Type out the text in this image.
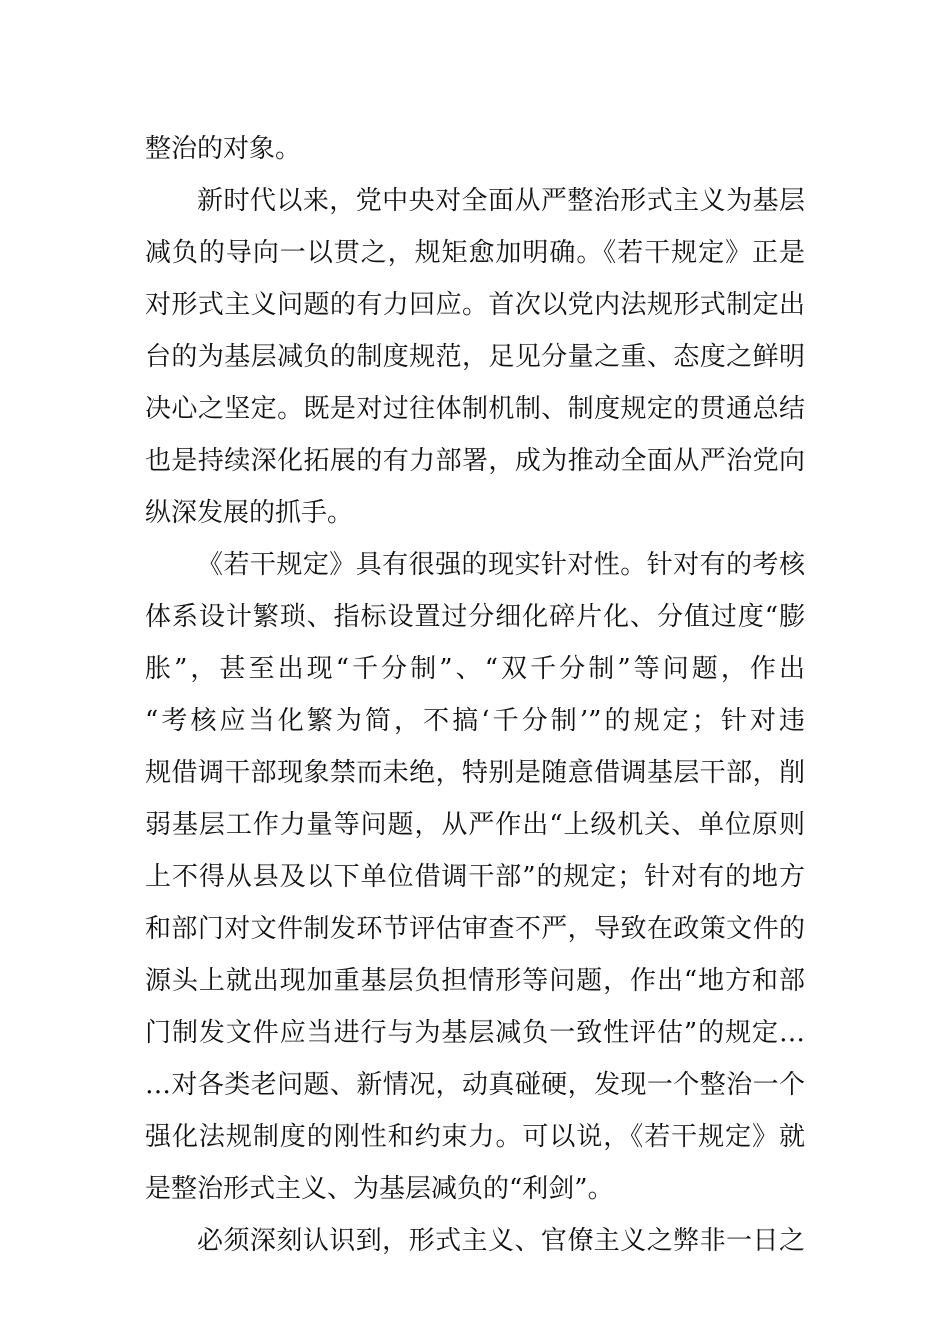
整治的对象。
新时代以来，党中央对全面从严整治形式主义为基层
减负的导向一以贯之，规矩愈加明确。《若干规定》正是
对形式主义问题的有力回应。首次以党内法规形式制定出
台的为基层减负的制度规范，足见分量之重、态度之鲜明
决心之坚定。既是对过往体制机制、制度规定的贯通总结
也是持续深化拓展的有力部署，成为推动全面从严治党向
纵深发展的抓手。
《若干规定》具有很强的现实针对性。针对有的考核
体系设计繁琐、指标设置过分细化碎片化、分值过度“膨
胀”，甚至出现“千分制”、“双千分制”等问题，作出
“考核应当化繁为简，不搞‘千分制’”的规定；针对违
规借调干部现象禁而未绝，特别是随意借调基层干部，削
弱基层工作力量等问题，从严作出“上级机关、单位原则
上不得从县及以下单位借调干部”的规定；针对有的地方
和部门对文件制发环节评估审查不严，导致在政策文件的
源头上就出现加重基层负担情形等问题，作出“地方和部
门制发文件应当进行与为基层减负一致性评估”的规定…
…对各类老问题、新情况，动真碰硬，发现一个整治一个
强化法规制度的刚性和约束力。可以说，《若干规定》就
是整治形式主义、为基层减负的“利剑”。
必须深刻认识到，形式主义、官僚主义之弊非一日之
